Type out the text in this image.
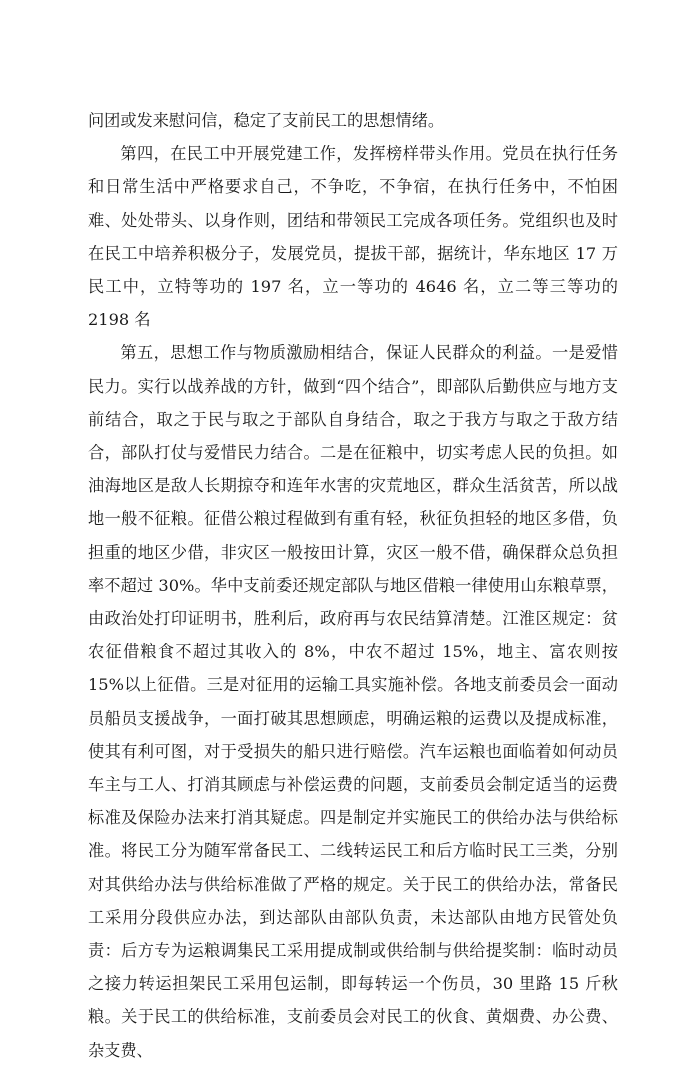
问团或发来慰问信，稳定了支前民工的思想情绪。

第四，在民工中开展党建工作，发挥榜样带头作用。党员在执行任务和日常生活中严格要求自己，不争吃，不争宿，在执行任务中，不怕困难、处处带头、以身作则，团结和带领民工完成各项任务。党组织也及时在民工中培养积极分子，发展党员，提拔干部，据统计，华东地区 17 万民工中，立特等功的 197 名，立一等功的 4646 名，立二等三等功的 2198 名

第五，思想工作与物质激励相结合，保证人民群众的利益。一是爱惜民力。实行以战养战的方针，做到“四个结合”，即部队后勤供应与地方支前结合，取之于民与取之于部队自身结合，取之于我方与取之于敌方结合，部队打仗与爱惜民力结合。二是在征粮中，切实考虑人民的负担。如油海地区是敌人长期掠夺和连年水害的灾荒地区，群众生活贫苦，所以战地一般不征粮。征借公粮过程做到有重有轻，秋征负担轻的地区多借，负担重的地区少借，非灾区一般按田计算，灾区一般不借，确保群众总负担率不超过 30%。华中支前委还规定部队与地区借粮一律使用山东粮草票，由政治处打印证明书，胜利后，政府再与农民结算清楚。江淮区规定：贫农征借粮食不超过其收入的 8%，中农不超过 15%，地主、富农则按 15%以上征借。三是对征用的运输工具实施补偿。各地支前委员会一面动员船员支援战争，一面打破其思想顾虑，明确运粮的运费以及提成标准，使其有利可图，对于受损失的船只进行赔偿。汽车运粮也面临着如何动员车主与工人、打消其顾虑与补偿运费的问题，支前委员会制定适当的运费标准及保险办法来打消其疑虑。四是制定并实施民工的供给办法与供给标准。将民工分为随军常备民工、二线转运民工和后方临时民工三类，分别对其供给办法与供给标准做了严格的规定。关于民工的供给办法，常备民工采用分段供应办法，到达部队由部队负责，未达部队由地方民管处负责：后方专为运粮调集民工采用提成制或供给制与供给提奖制：临时动员之接力转运担架民工采用包运制，即每转运一个伤员，30 里路 15 斤秋粮。关于民工的供给标准，支前委员会对民工的伙食、黄烟费、办公费、杂支费、
